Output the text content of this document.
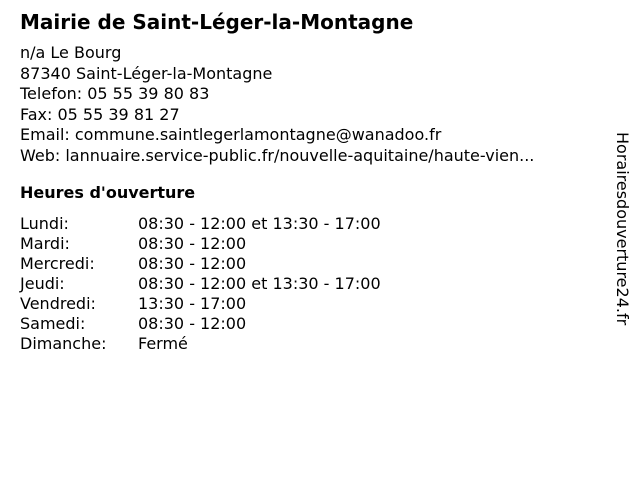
Mairie de Saint-Léger-la-Montagne
n/a Le Bourg
87340 Saint-Léger-la-Montagne
Telefon: 05 55 39 80 83
Fax: 05 55 39 81 27
Email: commune.saintlegerlamontagne@wanadoo.fr
Web: lannuaire.service-public.fr/nouvelle-aquitaine/haute-vien...
Heures d'ouverture
Lundi:	08:30 - 12:00 et 13:30 - 17:00
Mardi:	08:30 - 12:00
Mercredi:	08:30 - 12:00
Jeudi:	08:30 - 12:00 et 13:30 - 17:00
Vendredi:	13:30 - 17:00
Samedi:	08:30 - 12:00
Dimanche:	Fermé
Horairesdouverture24.fr
